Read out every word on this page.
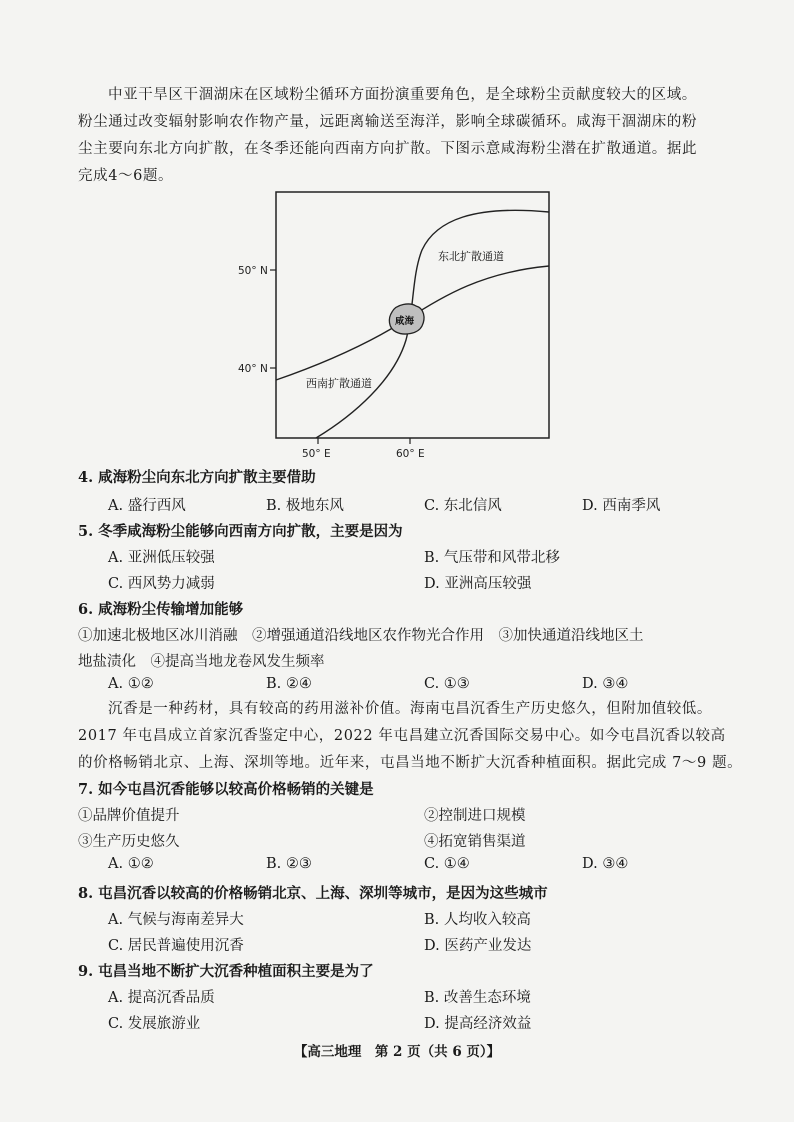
中亚干旱区干涸湖床在区域粉尘循环方面扮演重要角色，是全球粉尘贡献度较大的区域。
粉尘通过改变辐射影响农作物产量，远距离输送至海洋，影响全球碳循环。咸海干涸湖床的粉
尘主要向东北方向扩散，在冬季还能向西南方向扩散。下图示意咸海粉尘潜在扩散通道。据此
完成4～6题。
50° N
40° N
50° E	60° E
咸海
东北扩散通道
西南扩散通道
4. 咸海粉尘向东北方向扩散主要借助
A. 盛行西风	B. 极地东风	C. 东北信风	D. 西南季风
5. 冬季咸海粉尘能够向西南方向扩散，主要是因为
A. 亚洲低压较强	B. 气压带和风带北移
C. 西风势力减弱	D. 亚洲高压较强
6. 咸海粉尘传输增加能够
①加速北极地区冰川消融　②增强通道沿线地区农作物光合作用　③加快通道沿线地区土
地盐渍化　④提高当地龙卷风发生频率
A. ①②	B. ②④	C. ①③	D. ③④
沉香是一种药材，具有较高的药用滋补价值。海南屯昌沉香生产历史悠久，但附加值较低。
2017 年屯昌成立首家沉香鉴定中心，2022 年屯昌建立沉香国际交易中心。如今屯昌沉香以较高
的价格畅销北京、上海、深圳等地。近年来，屯昌当地不断扩大沉香种植面积。据此完成 7～9 题。
7. 如今屯昌沉香能够以较高价格畅销的关键是
①品牌价值提升	②控制进口规模
③生产历史悠久	④拓宽销售渠道
A. ①②	B. ②③	C. ①④	D. ③④
8. 屯昌沉香以较高的价格畅销北京、上海、深圳等城市，是因为这些城市
A. 气候与海南差异大	B. 人均收入较高
C. 居民普遍使用沉香	D. 医药产业发达
9. 屯昌当地不断扩大沉香种植面积主要是为了
A. 提高沉香品质	B. 改善生态环境
C. 发展旅游业	D. 提高经济效益
【高三地理　第 2 页（共 6 页）】
